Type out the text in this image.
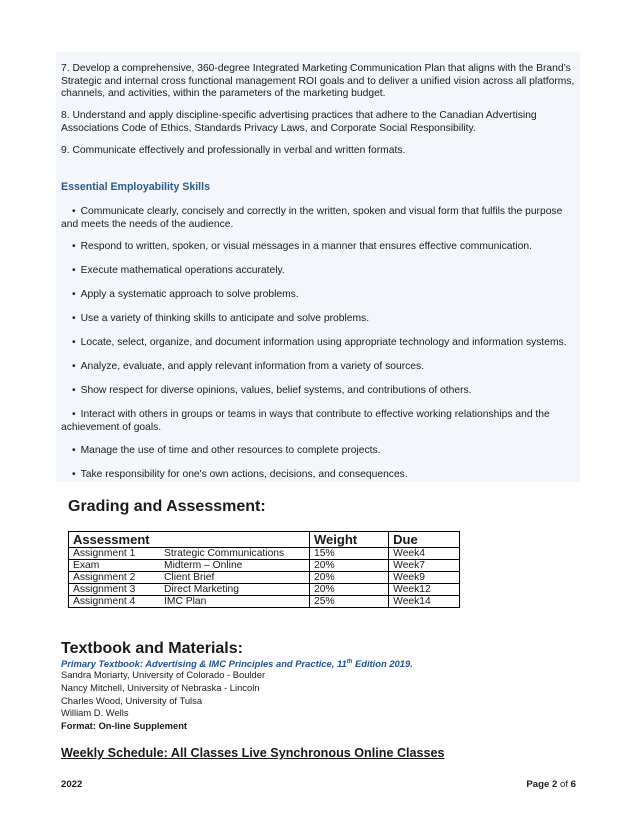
7. Develop a comprehensive, 360-degree Integrated Marketing Communication Plan that aligns with the Brand’s Strategic and internal cross functional management ROI goals and to deliver a unified vision across all platforms, channels, and activities, within the parameters of the marketing budget.
8. Understand and apply discipline-specific advertising practices that adhere to the Canadian Advertising Associations Code of Ethics, Standards Privacy Laws, and Corporate Social Responsibility.
9. Communicate effectively and professionally in verbal and written formats.
Essential Employability Skills
• Communicate clearly, concisely and correctly in the written, spoken and visual form that fulfils the purpose and meets the needs of the audience.
• Respond to written, spoken, or visual messages in a manner that ensures effective communication.
• Execute mathematical operations accurately.
• Apply a systematic approach to solve problems.
• Use a variety of thinking skills to anticipate and solve problems.
• Locate, select, organize, and document information using appropriate technology and information systems.
• Analyze, evaluate, and apply relevant information from a variety of sources.
• Show respect for diverse opinions, values, belief systems, and contributions of others.
• Interact with others in groups or teams in ways that contribute to effective working relationships and the achievement of goals.
• Manage the use of time and other resources to complete projects.
• Take responsibility for one's own actions, decisions, and consequences.
Grading and Assessment:
Assessment		Weight	Due
Assignment 1	Strategic Communications	15%	Week4
Exam	Midterm – Online	20%	Week7
Assignment 2	Client Brief	20%	Week9
Assignment 3	Direct Marketing	20%	Week12
Assignment 4	IMC Plan	25%	Week14
Textbook and Materials:
Primary Textbook: Advertising & IMC Principles and Practice, 11th Edition 2019.
Sandra Moriarty, University of Colorado - Boulder
Nancy Mitchell, University of Nebraska - Lincoln
Charles Wood, University of Tulsa
William D. Wells
Format: On-line Supplement
Weekly Schedule: All Classes Live Synchronous Online Classes
2022	Page 2 of 6
